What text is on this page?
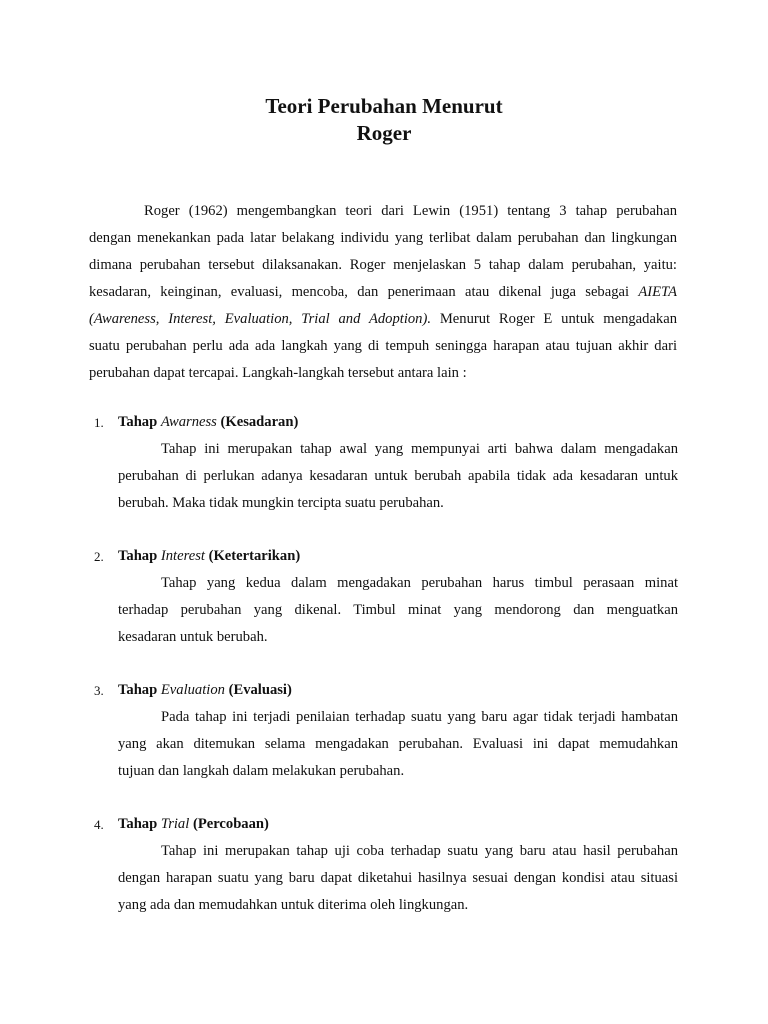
Teori Perubahan Menurut
Roger

Roger (1962) mengembangkan teori dari Lewin (1951) tentang 3 tahap perubahan
dengan menekankan pada latar belakang individu yang terlibat dalam perubahan dan lingkungan
dimana perubahan tersebut dilaksanakan. Roger menjelaskan 5 tahap dalam perubahan, yaitu:
kesadaran, keinginan, evaluasi, mencoba, dan penerimaan atau dikenal juga sebagai AIETA
(Awareness, Interest, Evaluation, Trial and Adoption). Menurut Roger E untuk mengadakan
suatu perubahan perlu ada ada langkah yang di tempuh seningga harapan atau tujuan akhir dari
perubahan dapat tercapai. Langkah-langkah tersebut antara lain :

1. Tahap Awarness (Kesadaran)
Tahap ini merupakan tahap awal yang mempunyai arti bahwa dalam mengadakan
perubahan di perlukan adanya kesadaran untuk berubah apabila tidak ada kesadaran untuk
berubah. Maka tidak mungkin tercipta suatu perubahan.
2. Tahap Interest (Ketertarikan)
Tahap yang kedua dalam mengadakan perubahan harus timbul perasaan minat
terhadap perubahan yang dikenal. Timbul minat yang mendorong dan menguatkan
kesadaran untuk berubah.
3. Tahap Evaluation (Evaluasi)
Pada tahap ini terjadi penilaian terhadap suatu yang baru agar tidak terjadi hambatan
yang akan ditemukan selama mengadakan perubahan. Evaluasi ini dapat memudahkan
tujuan dan langkah dalam melakukan perubahan.
4. Tahap Trial (Percobaan)
Tahap ini merupakan tahap uji coba terhadap suatu yang baru atau hasil perubahan
dengan harapan suatu yang baru dapat diketahui hasilnya sesuai dengan kondisi atau situasi
yang ada dan memudahkan untuk diterima oleh lingkungan.
